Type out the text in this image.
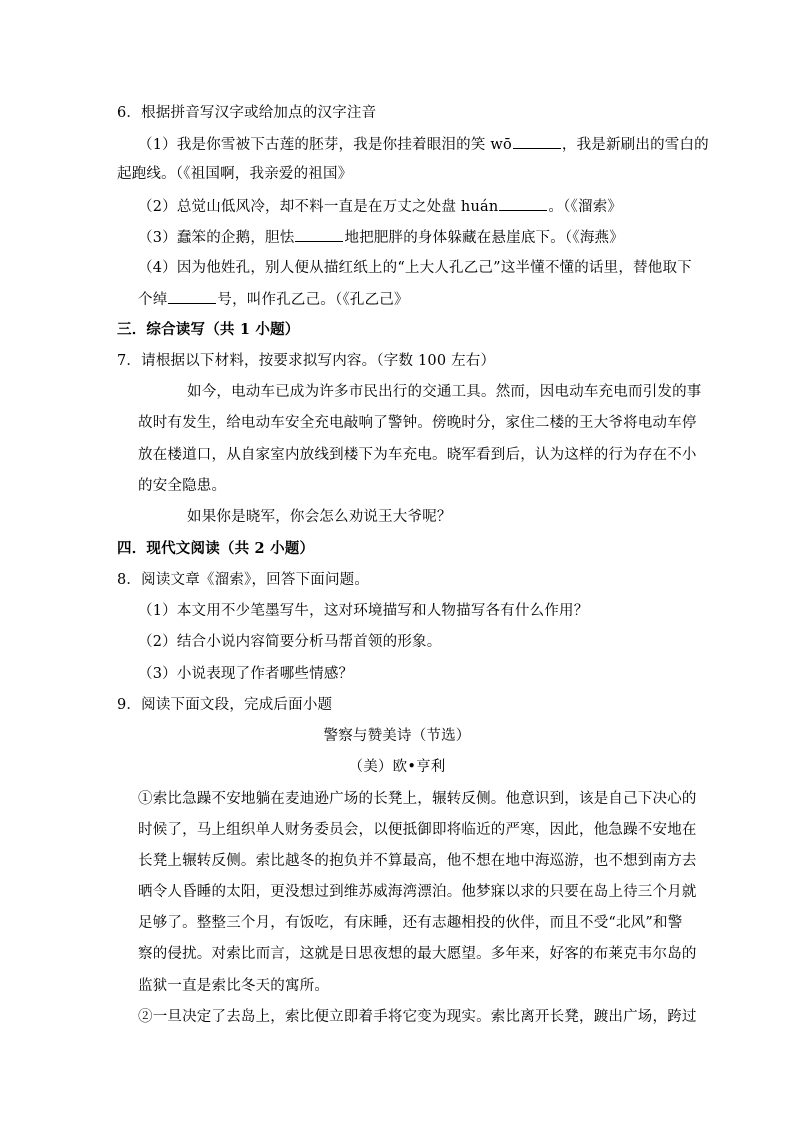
6．根据拼音写汉字或给加点的汉字注音
（1）我是你雪被下古莲的胚芽，我是你挂着眼泪的笑 wō	，我是新刷出的雪白的
起跑线。（《祖国啊，我亲爱的祖国》
（2）总觉山低风冷，却不料一直是在万丈之处盘 huán	。（《溜索》
（3）蠢笨的企鹅，胆怯	地把肥胖的身体躲藏在悬崖底下。（《海燕》
（4）因为他姓孔，别人便从描红纸上的“上大人孔乙己”这半懂不懂的话里，替他取下
个绰	号，叫作孔乙己。（《孔乙己》
三．综合读写（共 1 小题）
7．请根据以下材料，按要求拟写内容。（字数 100 左右）
如今，电动车已成为许多市民出行的交通工具。然而，因电动车充电而引发的事
故时有发生，给电动车安全充电敲响了警钟。傍晚时分，家住二楼的王大爷将电动车停
放在楼道口，从自家室内放线到楼下为车充电。晓军看到后，认为这样的行为存在不小
的安全隐患。
如果你是晓军，你会怎么劝说王大爷呢？
四．现代文阅读（共 2 小题）
8．阅读文章《溜索》，回答下面问题。
（1）本文用不少笔墨写牛，这对环境描写和人物描写各有什么作用？
（2）结合小说内容简要分析马帮首领的形象。
（3）小说表现了作者哪些情感？
9．阅读下面文段，完成后面小题
警察与赞美诗（节选）
（美）欧•亨利
①索比急躁不安地躺在麦迪逊广场的长凳上，辗转反侧。他意识到，该是自己下决心的
时候了，马上组织单人财务委员会，以便抵御即将临近的严寒，因此，他急躁不安地在
长凳上辗转反侧。索比越冬的抱负并不算最高，他不想在地中海巡游，也不想到南方去
晒令人昏睡的太阳，更没想过到维苏威海湾漂泊。他梦寐以求的只要在岛上待三个月就
足够了。整整三个月，有饭吃，有床睡，还有志趣相投的伙伴，而且不受“北风”和警
察的侵扰。对索比而言，这就是日思夜想的最大愿望。多年来，好客的布莱克韦尔岛的
监狱一直是索比冬天的寓所。
②一旦决定了去岛上，索比便立即着手将它变为现实。索比离开长凳，踱出广场，跨过
